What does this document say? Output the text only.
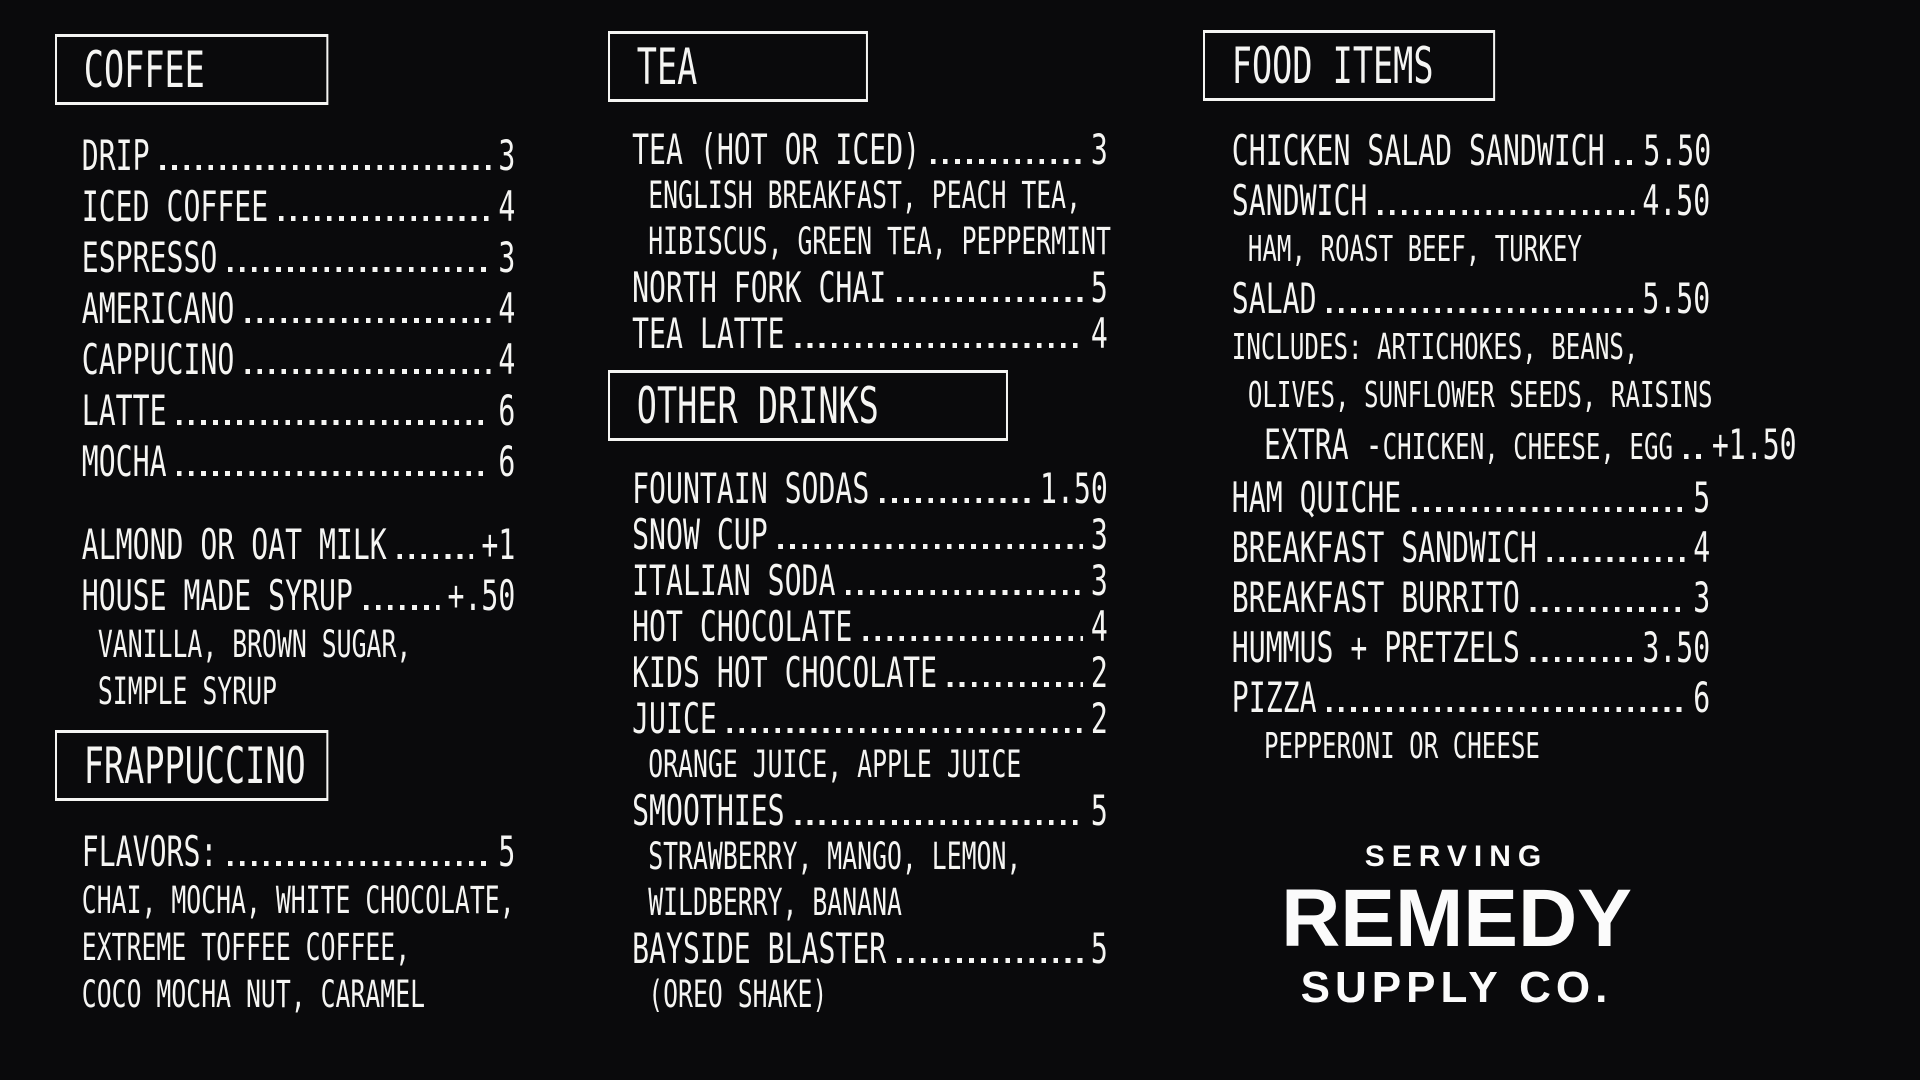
COFFEE
DRIP	3
ICED COFFEE	4
ESPRESSO	3
AMERICANO	4
CAPPUCINO	4
LATTE	6
MOCHA	6
ALMOND OR OAT MILK +1
HOUSE MADE SYRUP +.50
VANILLA, BROWN SUGAR,
SIMPLE SYRUP
FRAPPUCCINO
FLAVORS:	5
CHAI, MOCHA, WHITE CHOCOLATE,
EXTREME TOFFEE COFFEE,
COCO MOCHA NUT, CARAMEL
TEA
TEA (HOT OR ICED)	3
ENGLISH BREAKFAST, PEACH TEA,
HIBISCUS, GREEN TEA, PEPPERMINT
NORTH FORK CHAI	5
TEA LATTE	4
OTHER DRINKS
FOUNTAIN SODAS	1.50
SNOW CUP	3
ITALIAN SODA	3
HOT CHOCOLATE	4
KIDS HOT CHOCOLATE	2
JUICE	2
ORANGE JUICE, APPLE JUICE
SMOOTHIES	5
STRAWBERRY, MANGO, LEMON,
WILDBERRY, BANANA
BAYSIDE BLASTER	5
(OREO SHAKE)
FOOD ITEMS
CHICKEN SALAD SANDWICH 5.50
SANDWICH	4.50
HAM, ROAST BEEF, TURKEY
SALAD	5.50
INCLUDES: ARTICHOKES, BEANS,
OLIVES, SUNFLOWER SEEDS, RAISINS
EXTRA - CHICKEN, CHEESE, EGG +1.50
HAM QUICHE	5
BREAKFAST SANDWICH	4
BREAKFAST BURRITO	3
HUMMUS + PRETZELS	3.50
PIZZA	6
PEPPERONI OR CHEESE
SERVING
REMEDY
SUPPLY CO.
